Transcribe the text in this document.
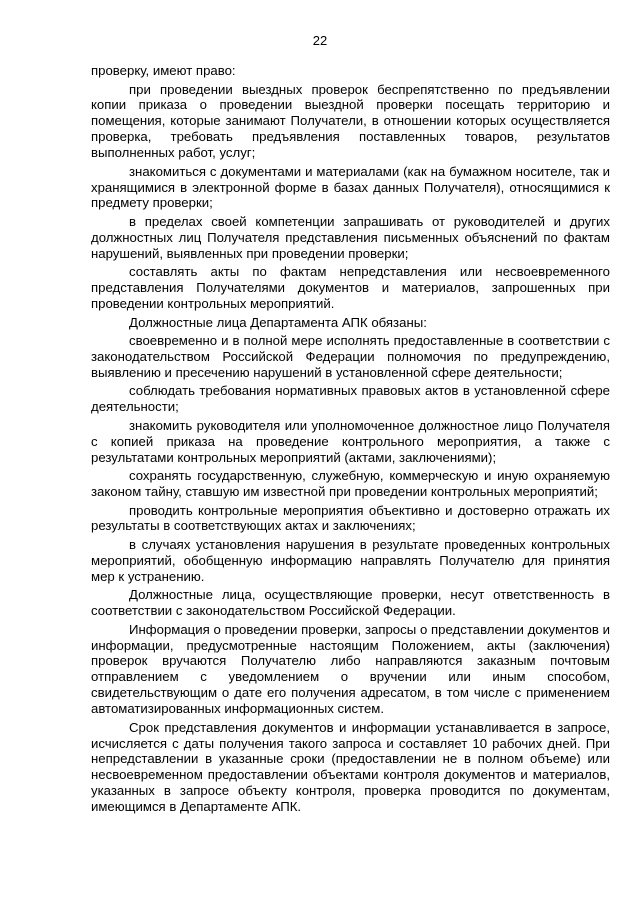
22

проверку, имеют право:

при проведении выездных проверок беспрепятственно по предъявлении копии приказа о проведении выездной проверки посещать территорию и помещения, которые занимают Получатели, в отношении которых осуществляется проверка, требовать предъявления поставленных товаров, результатов выполненных работ, услуг;

знакомиться с документами и материалами (как на бумажном носителе, так и хранящимися в электронной форме в базах данных Получателя), относящимися к предмету проверки;

в пределах своей компетенции запрашивать от руководителей и других должностных лиц Получателя представления письменных объяснений по фактам нарушений, выявленных при проведении проверки;

составлять акты по фактам непредставления или несвоевременного представления Получателями документов и материалов, запрошенных при проведении контрольных мероприятий.

Должностные лица Департамента АПК обязаны:

своевременно и в полной мере исполнять предоставленные в соответствии с законодательством Российской Федерации полномочия по предупреждению, выявлению и пресечению нарушений в установленной сфере деятельности;

соблюдать требования нормативных правовых актов в установленной сфере деятельности;

знакомить руководителя или уполномоченное должностное лицо Получателя с копией приказа на проведение контрольного мероприятия, а также с результатами контрольных мероприятий (актами, заключениями);

сохранять государственную, служебную, коммерческую и иную охраняемую законом тайну, ставшую им известной при проведении контрольных мероприятий;

проводить контрольные мероприятия объективно и достоверно отражать их результаты в соответствующих актах и заключениях;

в случаях установления нарушения в результате проведенных контрольных мероприятий, обобщенную информацию направлять Получателю для принятия мер к устранению.

Должностные лица, осуществляющие проверки, несут ответственность в соответствии с законодательством Российской Федерации.

Информация о проведении проверки, запросы о представлении документов и информации, предусмотренные настоящим Положением, акты (заключения) проверок вручаются Получателю либо направляются заказным почтовым отправлением с уведомлением о вручении или иным способом, свидетельствующим о дате его получения адресатом, в том числе с применением автоматизированных информационных систем.

Срок представления документов и информации устанавливается в запросе, исчисляется с даты получения такого запроса и составляет 10 рабочих дней. При непредставлении в указанные сроки (предоставлении не в полном объеме) или несвоевременном предоставлении объектами контроля документов и материалов, указанных в запросе объекту контроля, проверка проводится по документам, имеющимся в Департаменте АПК.
